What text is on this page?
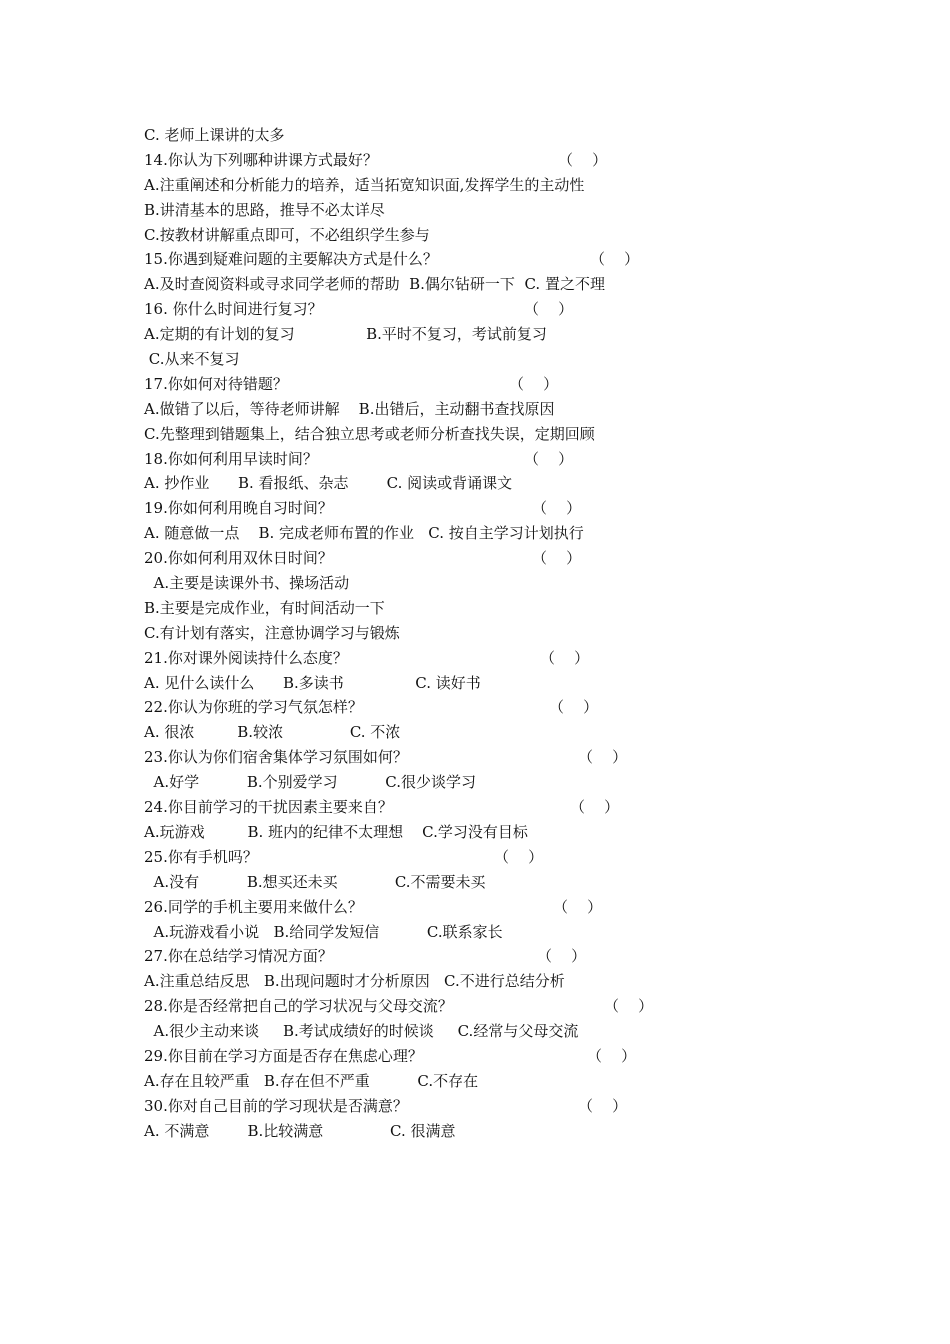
C. 老师上课讲的太多
14.你认为下列哪种讲课方式最好？	（    ）
A.注重阐述和分析能力的培养，适当拓宽知识面,发挥学生的主动性
B.讲清基本的思路，推导不必太详尽
C.按教材讲解重点即可，不必组织学生参与
15.你遇到疑难问题的主要解决方式是什么？	（    ）
A.及时查阅资料或寻求同学老师的帮助  B.偶尔钻研一下  C. 置之不理
16. 你什么时间进行复习？	（    ）
A.定期的有计划的复习               B.平时不复习，考试前复习
C.从来不复习
17.你如何对待错题？	（    ）
A.做错了以后，等待老师讲解    B.出错后，主动翻书查找原因
C.先整理到错题集上，结合独立思考或老师分析查找失误，定期回顾
18.你如何利用早读时间？	（    ）
A. 抄作业      B. 看报纸、杂志        C. 阅读或背诵课文
19.你如何利用晚自习时间？	（    ）
A. 随意做一点    B. 完成老师布置的作业   C. 按自主学习计划执行
20.你如何利用双休日时间？	（    ）
A.主要是读课外书、操场活动
B.主要是完成作业，有时间活动一下
C.有计划有落实，注意协调学习与锻炼
21.你对课外阅读持什么态度？	（    ）
A. 见什么读什么      B.多读书               C. 读好书
22.你认为你班的学习气氛怎样？	（    ）
A. 很浓         B.较浓              C. 不浓
23.你认为你们宿舍集体学习氛围如何？	（    ）
A.好学          B.个别爱学习          C.很少谈学习
24.你目前学习的干扰因素主要来自？	（    ）
A.玩游戏         B. 班内的纪律不太理想    C.学习没有目标
25.你有手机吗？	（    ）
A.没有          B.想买还未买            C.不需要未买
26.同学的手机主要用来做什么？	（    ）
A.玩游戏看小说   B.给同学发短信          C.联系家长
27.你在总结学习情况方面？	（    ）
A.注重总结反思   B.出现问题时才分析原因   C.不进行总结分析
28.你是否经常把自己的学习状况与父母交流？	（    ）
A.很少主动来谈     B.考试成绩好的时候谈     C.经常与父母交流
29.你目前在学习方面是否存在焦虑心理？	（    ）
A.存在且较严重   B.存在但不严重          C.不存在
30.你对自己目前的学习现状是否满意？	（    ）
A. 不满意        B.比较满意              C. 很满意
